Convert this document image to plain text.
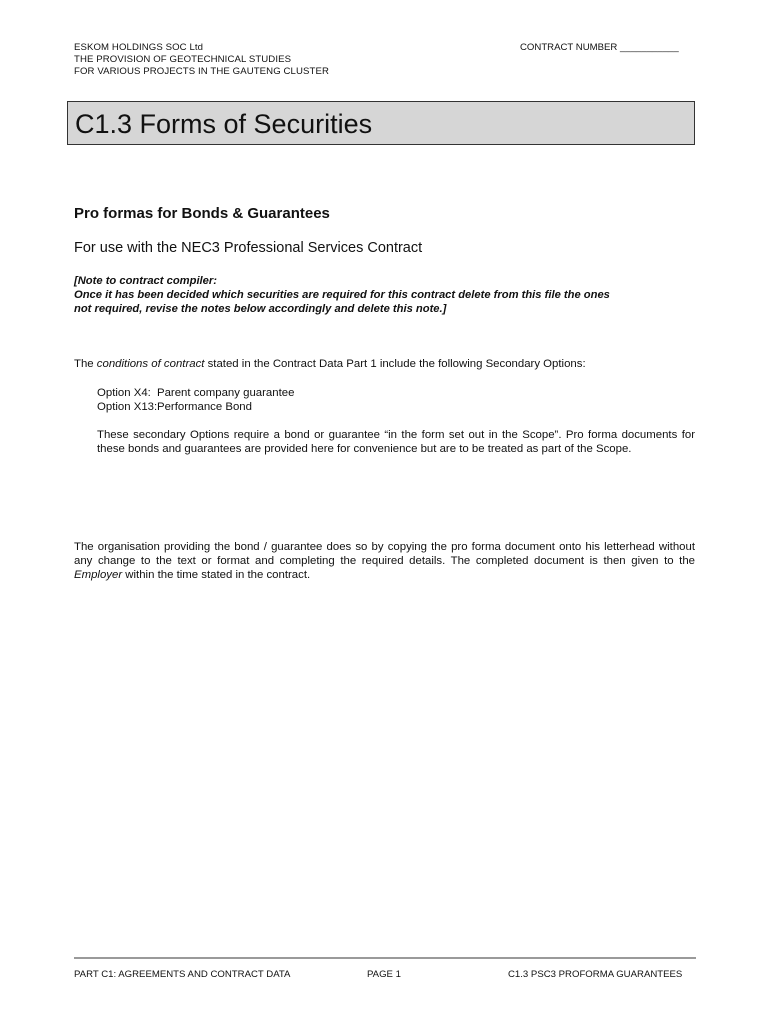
ESKOM HOLDINGS SOC Ltd
THE PROVISION OF GEOTECHNICAL STUDIES
FOR VARIOUS PROJECTS IN THE GAUTENG CLUSTER
CONTRACT NUMBER ___________
C1.3 Forms of Securities
Pro formas for Bonds & Guarantees
For use with the NEC3 Professional Services Contract
[Note to contract compiler:
Once it has been decided which securities are required for this contract delete from this file the ones
not required, revise the notes below accordingly and delete this note.]
The conditions of contract stated in the Contract Data Part 1 include the following Secondary Options:
Option X4: Parent company guarantee
Option X13:Performance Bond
These secondary Options require a bond or guarantee “in the form set out in the Scope”. Pro forma documents for these bonds and guarantees are provided here for convenience but are to be treated as part of the Scope.
The organisation providing the bond / guarantee does so by copying the pro forma document onto his letterhead without any change to the text or format and completing the required details. The completed document is then given to the Employer within the time stated in the contract.
PART C1: AGREEMENTS AND CONTRACT DATA	PAGE 1	C1.3 PSC3 PROFORMA GUARANTEES
